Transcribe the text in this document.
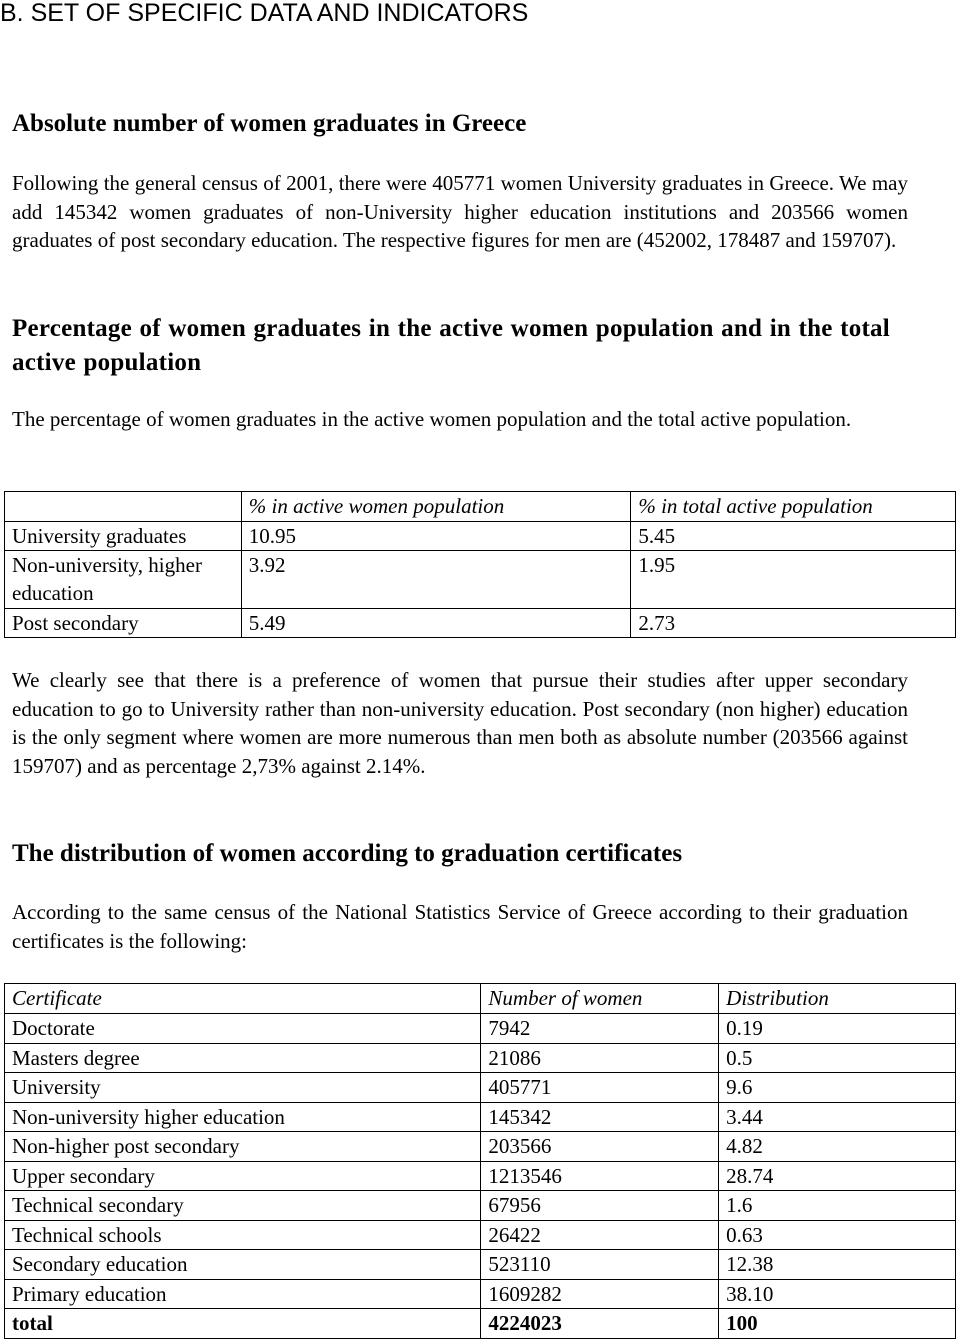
B. SET OF SPECIFIC DATA AND INDICATORS
Absolute number of women graduates in Greece

Following the general census of 2001, there were 405771 women University graduates in Greece. We may add 145342 women graduates of non-University higher education institutions and 203566 women graduates of post secondary education. The respective figures for men are (452002, 178487 and 159707).

Percentage of women graduates in the active women population and in the total active population

The percentage of women graduates in the active women population and the total active population.

	% in active women population	% in total active population
University graduates	10.95	5.45
Non-university, higher education	3.92	1.95
Post secondary	5.49	2.73

We clearly see that there is a preference of women that pursue their studies after upper secondary education to go to University rather than non-university education. Post secondary (non higher) education is the only segment where women are more numerous than men both as absolute number (203566 against 159707) and as percentage 2,73% against 2.14%.

The distribution of women according to graduation certificates

According to the same census of the National Statistics Service of Greece according to their graduation certificates is the following:

Certificate	Number of women	Distribution
Doctorate	7942	0.19
Masters degree	21086	0.5
University	405771	9.6
Non-university higher education	145342	3.44
Non-higher post secondary	203566	4.82
Upper secondary	1213546	28.74
Technical secondary	67956	1.6
Technical schools	26422	0.63
Secondary education	523110	12.38
Primary education	1609282	38.10
total	4224023	100
